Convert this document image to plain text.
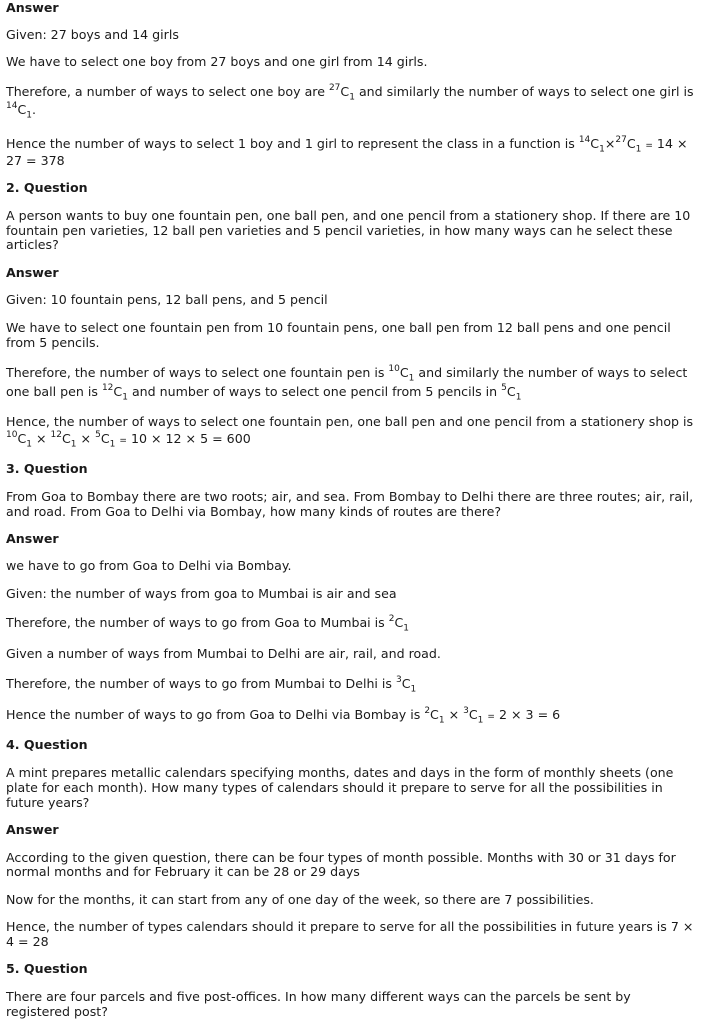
Answer

Given: 27 boys and 14 girls

We have to select one boy from 27 boys and one girl from 14 girls.

Therefore, a number of ways to select one boy are $^{27}C_1$ and similarly the number of ways to select one girl is

$^{14}C_1$.

Hence the number of ways to select 1 boy and 1 girl to represent the class in a function is $^{14}C_1\times^{27}C_1 = 14$ ×

27 = 378

2. Question

A person wants to buy one fountain pen, one ball pen, and one pencil from a stationery shop. If there are 10

fountain pen varieties, 12 ball pen varieties and 5 pencil varieties, in how many ways can he select these

articles?

Answer

Given: 10 fountain pens, 12 ball pens, and 5 pencil

We have to select one fountain pen from 10 fountain pens, one ball pen from 12 ball pens and one pencil

from 5 pencils.

Therefore, the number of ways to select one fountain pen is $^{10}C_1$ and similarly the number of ways to select

one ball pen is $^{12}C_1$ and number of ways to select one pencil from 5 pencils in $^5C_1$

Hence, the number of ways to select one fountain pen, one ball pen and one pencil from a stationery shop is

$^{10}C_1 \times ^{12}C_1 \times ^5C_1 = 10 \times 12 \times 5 = 600$

3. Question

From Goa to Bombay there are two roots; air, and sea. From Bombay to Delhi there are three routes; air, rail,

and road. From Goa to Delhi via Bombay, how many kinds of routes are there?

Answer

we have to go from Goa to Delhi via Bombay.

Given: the number of ways from goa to Mumbai is air and sea

Therefore, the number of ways to go from Goa to Mumbai is $^2C_1$

Given a number of ways from Mumbai to Delhi are air, rail, and road.

Therefore, the number of ways to go from Mumbai to Delhi is $^3C_1$

Hence the number of ways to go from Goa to Delhi via Bombay is $^2C_1 \times ^3C_1 = 2 \times 3 = 6$

4. Question

A mint prepares metallic calendars specifying months, dates and days in the form of monthly sheets (one

plate for each month). How many types of calendars should it prepare to serve for all the possibilities in

future years?

Answer

According to the given question, there can be four types of month possible. Months with 30 or 31 days for

normal months and for February it can be 28 or 29 days

Now for the months, it can start from any of one day of the week, so there are 7 possibilities.

Hence, the number of types calendars should it prepare to serve for all the possibilities in future years is 7 ×

4 = 28

5. Question

There are four parcels and five post-offices. In how many different ways can the parcels be sent by

registered post?
